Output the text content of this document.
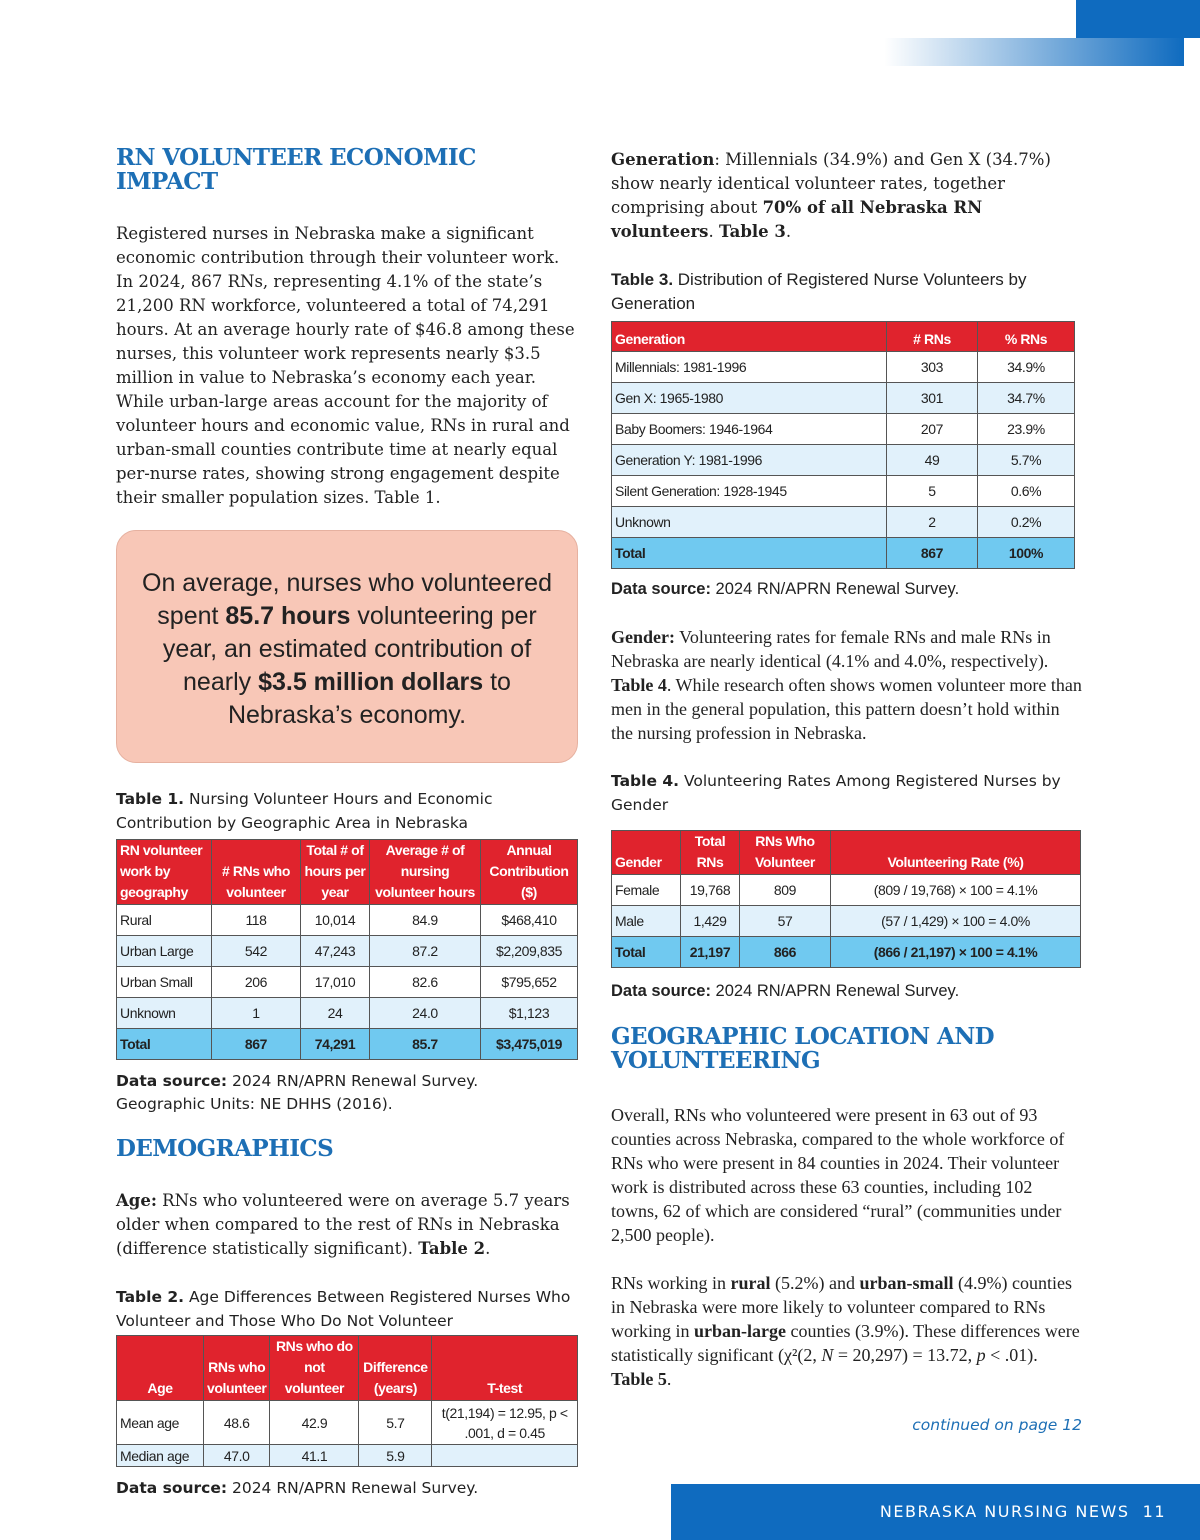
RN VOLUNTEER ECONOMIC IMPACT

Registered nurses in Nebraska make a significant economic contribution through their volunteer work. In 2024, 867 RNs, representing 4.1% of the state’s 21,200 RN workforce, volunteered a total of 74,291 hours. At an average hourly rate of $46.8 among these nurses, this volunteer work represents nearly $3.5 million in value to Nebraska’s economy each year. While urban-large areas account for the majority of volunteer hours and economic value, RNs in rural and urban-small counties contribute time at nearly equal per-nurse rates, showing strong engagement despite their smaller population sizes. Table 1.

On average, nurses who volunteered spent 85.7 hours volunteering per year, an estimated contribution of nearly $3.5 million dollars to Nebraska’s economy.

Table 1. Nursing Volunteer Hours and Economic Contribution by Geographic Area in Nebraska

RN volunteer work by geography	# RNs who volunteer	Total # of hours per year	Average # of nursing volunteer hours	Annual Contribution ($)
Rural	118	10,014	84.9	$468,410
Urban Large	542	47,243	87.2	$2,209,835
Urban Small	206	17,010	82.6	$795,652
Unknown	1	24	24.0	$1,123
Total	867	74,291	85.7	$3,475,019

Data source: 2024 RN/APRN Renewal Survey.

Geographic Units: NE DHHS (2016).

DEMOGRAPHICS

Age: RNs who volunteered were on average 5.7 years older when compared to the rest of RNs in Nebraska (difference statistically significant). Table 2.

Table 2. Age Differences Between Registered Nurses Who Volunteer and Those Who Do Not Volunteer

Age	RNs who volunteer	RNs who do not volunteer	Difference (years)	T-test
Mean age	48.6	42.9	5.7	t(21,194) = 12.95, p < .001, d = 0.45
Median age	47.0	41.1	5.9	

Data source: 2024 RN/APRN Renewal Survey.

Generation: Millennials (34.9%) and Gen X (34.7%) show nearly identical volunteer rates, together comprising about 70% of all Nebraska RN volunteers. Table 3.

Table 3. Distribution of Registered Nurse Volunteers by Generation

Generation	# RNs	% RNs
Millennials: 1981-1996	303	34.9%
Gen X: 1965-1980	301	34.7%
Baby Boomers: 1946-1964	207	23.9%
Generation Y: 1981-1996	49	5.7%
Silent Generation: 1928-1945	5	0.6%
Unknown	2	0.2%
Total	867	100%

Data source: 2024 RN/APRN Renewal Survey.

Gender: Volunteering rates for female RNs and male RNs in Nebraska are nearly identical (4.1% and 4.0%, respectively). Table 4. While research often shows women volunteer more than men in the general population, this pattern doesn’t hold within the nursing profession in Nebraska.

Table 4. Volunteering Rates Among Registered Nurses by Gender

Gender	Total RNs	RNs Who Volunteer	Volunteering Rate (%)
Female	19,768	809	(809 / 19,768) × 100 = 4.1%
Male	1,429	57	(57 / 1,429) × 100 = 4.0%
Total	21,197	866	(866 / 21,197) × 100 = 4.1%

Data source: 2024 RN/APRN Renewal Survey.

GEOGRAPHIC LOCATION AND VOLUNTEERING

Overall, RNs who volunteered were present in 63 out of 93 counties across Nebraska, compared to the whole workforce of RNs who were present in 84 counties in 2024. Their volunteer work is distributed across these 63 counties, including 102 towns, 62 of which are considered “rural” (communities under 2,500 people).

RNs working in rural (5.2%) and urban-small (4.9%) counties in Nebraska were more likely to volunteer compared to RNs working in urban-large counties (3.9%). These differences were statistically significant (χ²(2, N = 20,297) = 13.72, p < .01). Table 5.

continued on page 12
NEBRASKA NURSING NEWS 11
